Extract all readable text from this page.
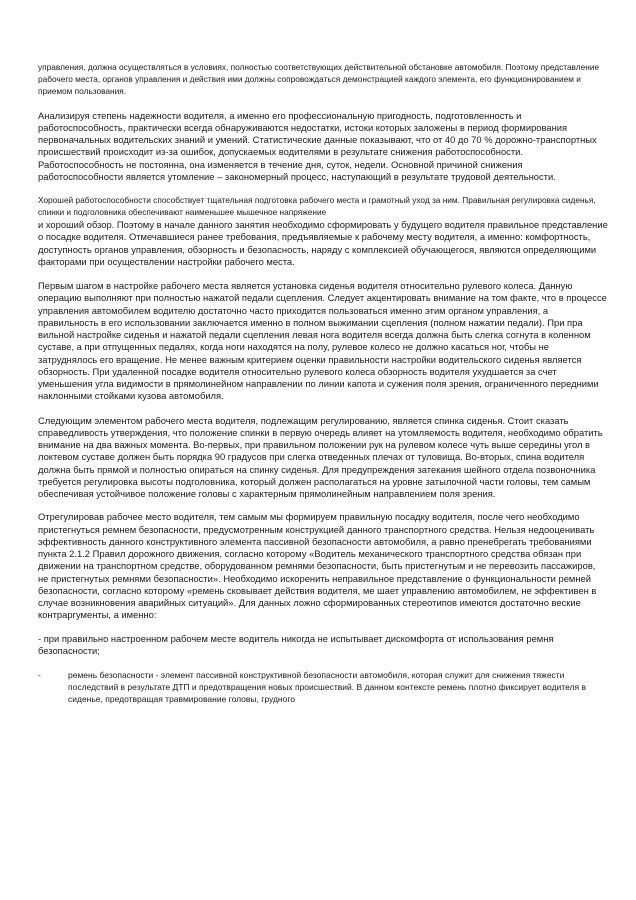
управления, должна осуществляться в условиях, полностью соответствующих действительной обстановке автомобиля. Поэтому представление рабочего места, органов управления и действия ими должны сопровождаться демонстрацией каждого элемента, его функционированием и приемом пользования.

Анализируя степень надежности водителя, а именно его профессиональную пригодность, подготовленность и работоспособность, практически всегда обнаруживаются недостатки, истоки которых заложены в период формирования первоначальных водительских знаний и умений. Статистические данные показывают, что от 40 до 70 % дорожно-транспортных происшествий происходит из-за ошибок, допускаемых водителями в результате снижения работоспособности. Работоспособность не постоянна, она изменяется в течение дня, суток, недели. Основной причиной снижения работоспособности является утомление – закономерный процесс, наступающий в результате трудовой деятельности.

Хорошей работоспособности способствует тщательная подготовка рабочего места и грамотный уход за ним. Правильная регулировка сиденья, спинки и подголовника обеспечивают наименьшее мышечное напряжение

и хороший обзор. Поэтому в начале данного занятия необходимо сформировать у будущего водителя правильное представление о посадке водителя. Отмечавшиеся ранее требования, предъявляемые к рабочему месту водителя, а именно: комфортность, доступность органов управления, обзорность и безопасность, наряду с комплексией обучающегося, являются определяющими факторами при осуществлении настройки рабочего места.

Первым шагом в настройке рабочего места является установка сиденья водителя относительно рулевого колеса. Данную операцию выполняют при полностью нажатой педали сцепления. Следует акцентировать внимание на том факте, что в процессе управления автомобилем водителю достаточно часто приходится пользоваться именно этим органом управления, а правильность в его использовании заключается именно в полном выжимании сцепления (полном нажатии педали). При пра вильной настройке сиденья и нажатой педали сцепления левая нога водителя всегда должна быть слегка согнута в коленном суставе, а при отпущенных педалях, когда ноги находятся на полу, рулевое колесо не должно касаться ног, чтобы не затруднялось его вращение. Не менее важным критерием оценки правильности настройки водительского сиденья является обзорность. При удаленной посадке водителя относительно рулевого колеса обзорность водителя ухудшается за счет уменьшения угла видимости в прямолинейном направлении по линии капота и сужения поля зрения, ограниченного передними наклонными стойками кузова автомобиля.

Следующим элементом рабочего места водителя, подлежащим регулированию, является спинка сиденья. Стоит сказать справедливость утверждения, что положение спинки в первую очередь влияет на утомляемость водителя, необходимо обратить внимание на два важных момента. Во-первых, при правильном положении рук на рулевом колесе чуть выше середины угол в локтевом суставе должен быть порядка 90 градусов при слегка отведенных плечах от туловища. Во-вторых, спина водителя должна быть прямой и полностью опираться на спинку сиденья. Для предупреждения затекания шейного отдела позвоночника требуется регулировка высоты подголовника, который должен располагаться на уровне затылочной части головы, тем самым обеспечивая устойчивое положение головы с характерным прямолинейным направлением поля зрения.

Отрегулировав рабочее место водителя, тем самым мы формируем правильную посадку водителя, после чего необходимо пристегнуться ремнем безопасности, предусмотренным конструкцией данного транспортного средства. Нельзя недооценивать эффективность данного конструктивного элемента пассивной безопасности автомобиля, а равно пренебрегать требованиями пункта 2.1.2 Правил дорожного движения, согласно которому «Водитель механического транспортного средства обязан при движении на транспортном средстве, оборудованном ремнями безопасности, быть пристегнутым и не перевозить пассажиров, не пристегнутых ремнями безопасности». Необходимо искоренить неправильное представление о функциональности ремней безопасности, согласно которому «ремень сковывает действия водителя, ме шает управлению автомобилем, не эффективен в случае возникновения аварийных ситуаций». Для данных ложно сформированных стереотипов имеются достаточно веские контраргументы, а именно:

- при правильно настроенном рабочем месте водитель никогда не испытывает дискомфорта от использования ремня безопасности;

-	ремень безопасности - элемент пассивной конструктивной безопасности автомобиля, которая служит для снижения тяжести последствий в результате ДТП и предотвращения новых происшествий. В данном контексте ремень плотно фиксирует водителя в сиденье, предотвращая травмирование головы, грудного
